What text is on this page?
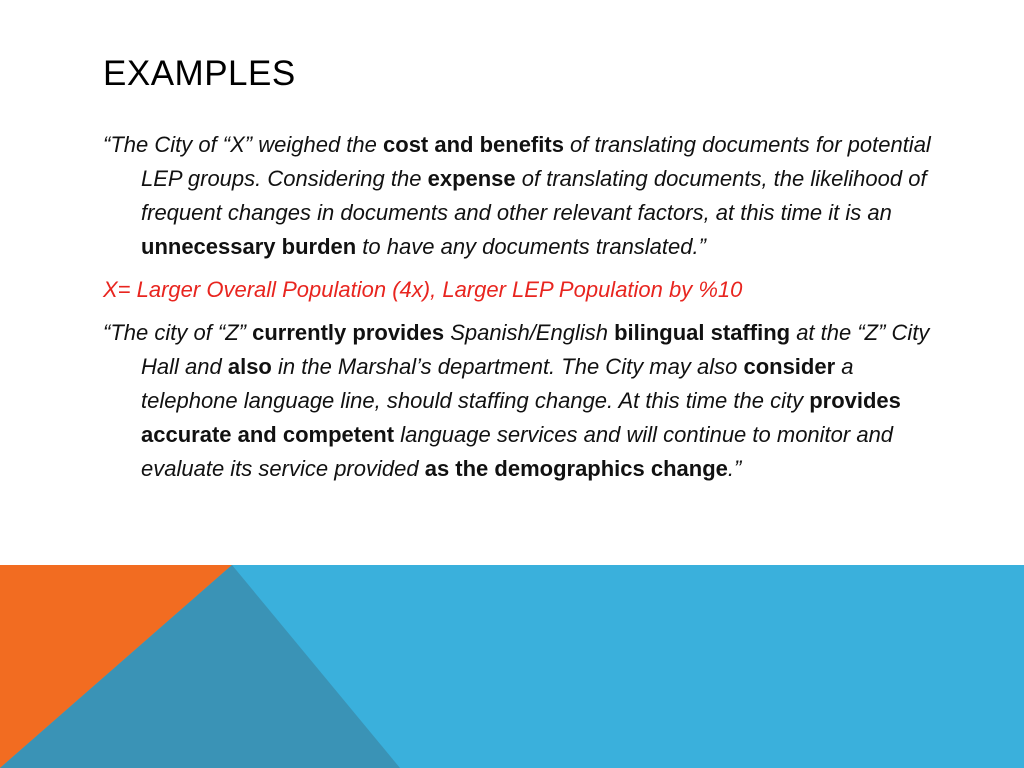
EXAMPLES

“The City of “X” weighed the cost and benefits of translating documents for potential LEP groups. Considering the expense of translating documents, the likelihood of frequent changes in documents and other relevant factors, at this time it is an unnecessary burden to have any documents translated.”

X= Larger Overall Population (4x), Larger LEP Population by %10

“The city of “Z” currently provides Spanish/English bilingual staffing at the “Z” City Hall and also in the Marshal’s department. The City may also consider a telephone language line, should staffing change. At this time the city provides accurate and competent language services and will continue to monitor and evaluate its service provided as the demographics change.”
